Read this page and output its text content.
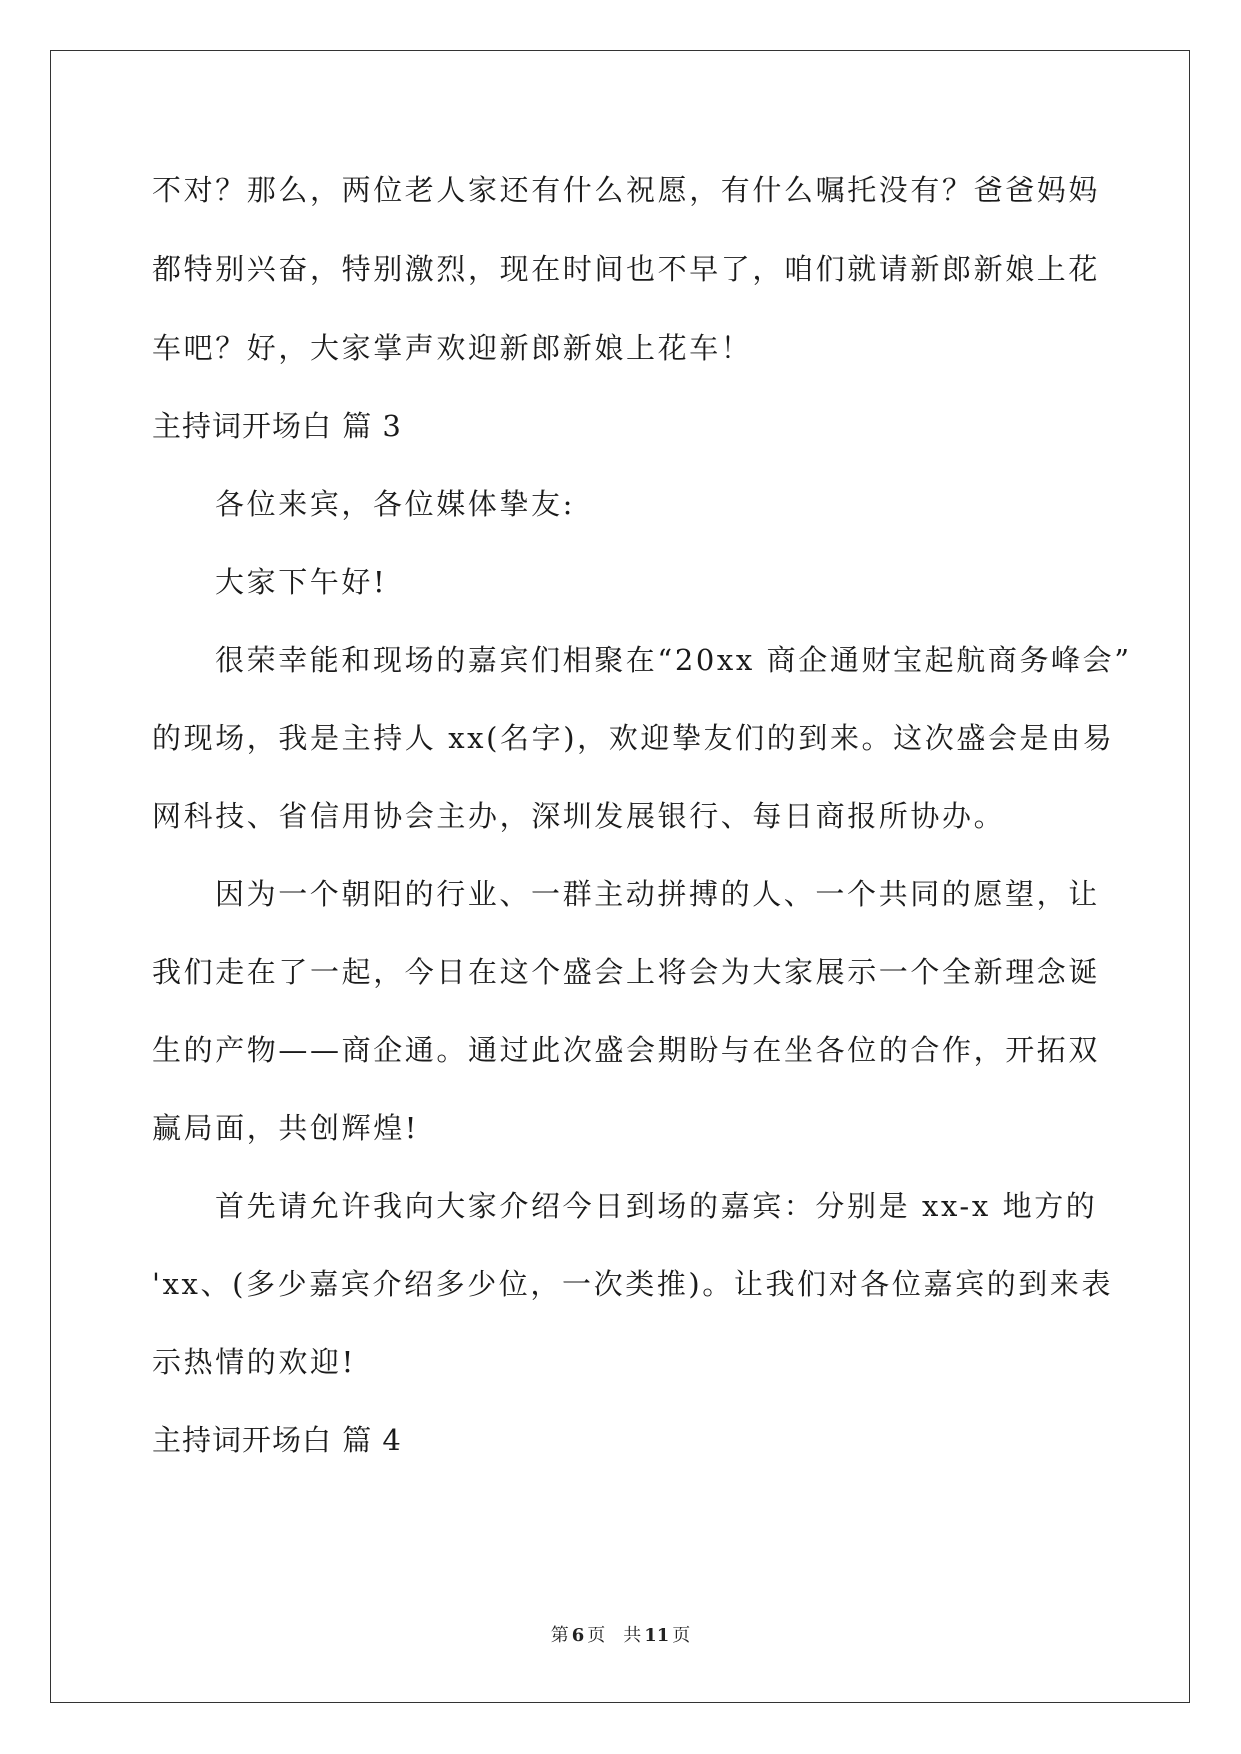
不对？那么，两位老人家还有什么祝愿，有什么嘱托没有？爸爸妈妈
都特别兴奋，特别激烈，现在时间也不早了，咱们就请新郎新娘上花
车吧？好，大家掌声欢迎新郎新娘上花车！
主持词开场白 篇 3
各位来宾，各位媒体挚友:
大家下午好!
很荣幸能和现场的嘉宾们相聚在“20xx 商企通财宝起航商务峰会”
的现场，我是主持人 xx(名字)，欢迎挚友们的到来。这次盛会是由易
网科技、省信用协会主办，深圳发展银行、每日商报所协办。
因为一个朝阳的行业、一群主动拼搏的人、一个共同的愿望，让
我们走在了一起，今日在这个盛会上将会为大家展示一个全新理念诞
生的产物——商企通。通过此次盛会期盼与在坐各位的合作，开拓双
赢局面，共创辉煌!
首先请允许我向大家介绍今日到场的嘉宾：分别是 xx-x 地方的
'xx、(多少嘉宾介绍多少位，一次类推)。让我们对各位嘉宾的到来表
示热情的欢迎!
主持词开场白 篇 4
第 6 页 共 11 页
